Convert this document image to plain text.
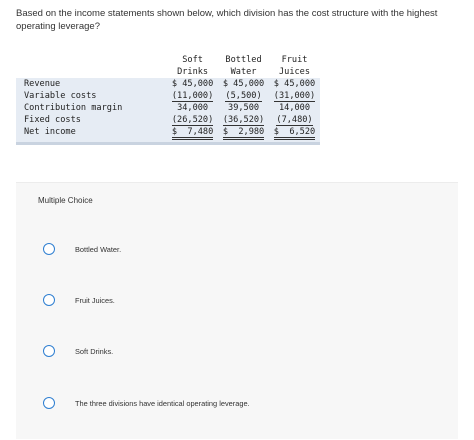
Based on the income statements shown below, which division has the cost structure with the highest operating leverage?
	Soft	Bottled	Fruit
	Drinks	Water	Juices
Revenue	$ 45,000	$ 45,000	$ 45,000
Variable costs	(11,000)	(5,500)	(31,000)
Contribution margin	34,000	39,500	14,000
Fixed costs	(26,520)	(36,520)	(7,480)
Net income	$  7,480	$  2,980	$  6,520

Multiple Choice
Bottled Water.
Fruit Juices.
Soft Drinks.
The three divisions have identical operating leverage.
